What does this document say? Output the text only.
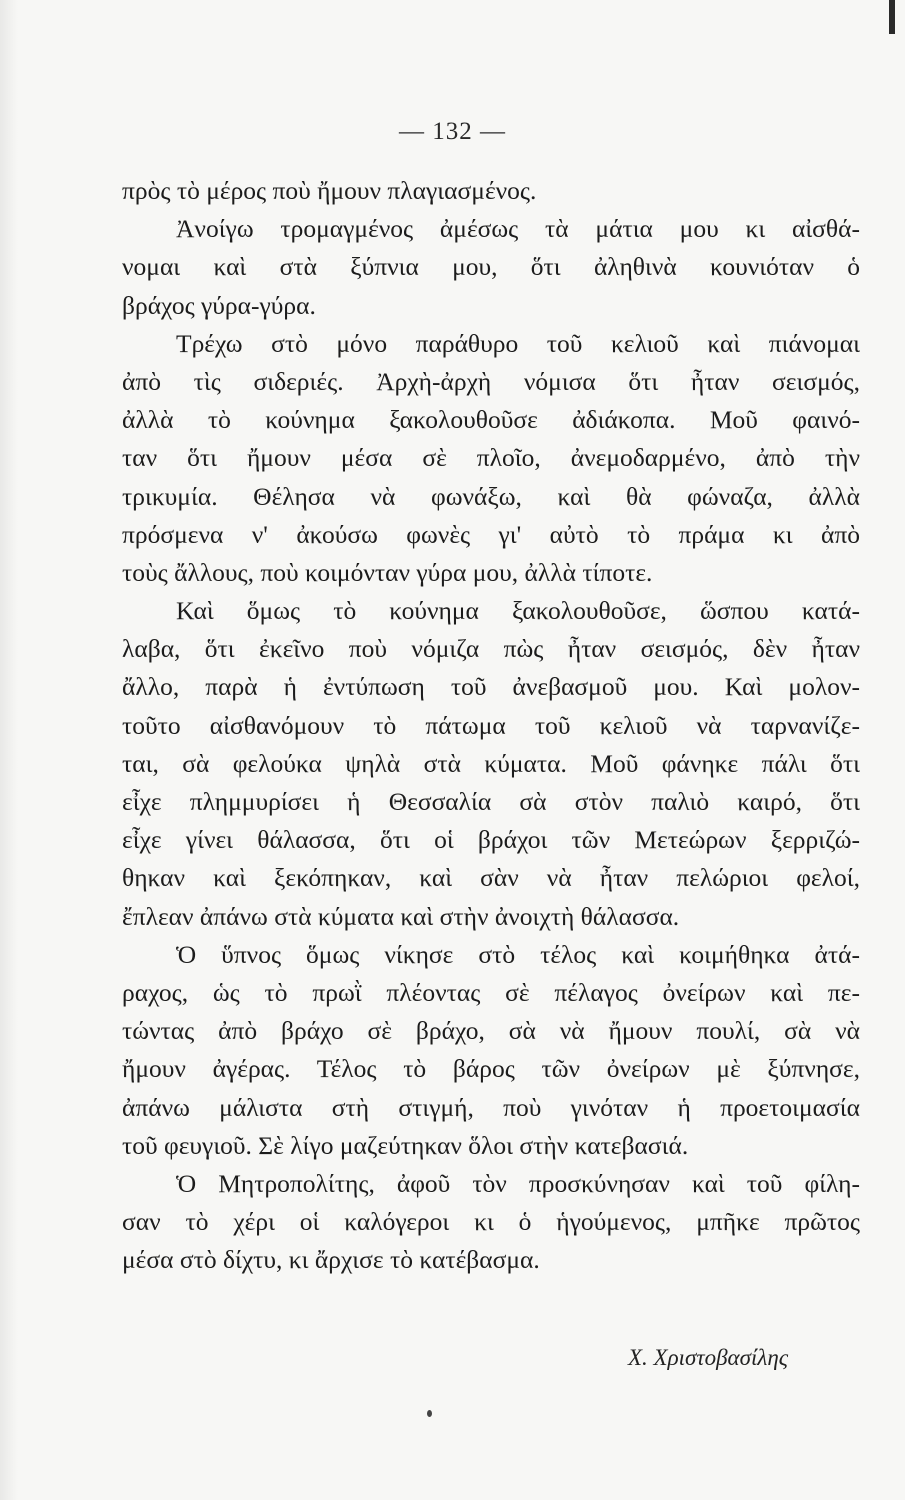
— 132 —
πρὸς τὸ μέρος ποὺ ἤμουν πλαγιασμένος.
Ἀνοίγω τρομαγμένος ἀμέσως τὰ μάτια μου κι αἰσθά-
νομαι καὶ στὰ ξύπνια μου, ὅτι ἀληθινὰ κουνιόταν ὁ
βράχος γύρα-γύρα.
Τρέχω στὸ μόνο παράθυρο τοῦ κελιοῦ καὶ πιάνομαι
ἀπὸ τὶς σιδεριές. Ἀρχὴ-ἀρχὴ νόμισα ὅτι ἦταν σεισμός,
ἀλλὰ τὸ κούνημα ξακολουθοῦσε ἀδιάκοπα. Μοῦ φαινό-
ταν ὅτι ἤμουν μέσα σὲ πλοῖο, ἀνεμοδαρμένο, ἀπὸ τὴν
τρικυμία. Θέλησα νὰ φωνάξω, καὶ θὰ φώναζα, ἀλλὰ
πρόσμενα ν' ἀκούσω φωνὲς γι' αὐτὸ τὸ πράμα κι ἀπὸ
τοὺς ἄλλους, ποὺ κοιμόνταν γύρα μου, ἀλλὰ τίποτε.
Καὶ ὅμως τὸ κούνημα ξακολουθοῦσε, ὥσπου κατά-
λαβα, ὅτι ἐκεῖνο ποὺ νόμιζα πὼς ἦταν σεισμός, δὲν ἦταν
ἄλλο, παρὰ ἡ ἐντύπωση τοῦ ἀνεβασμοῦ μου. Καὶ μολον-
τοῦτο αἰσθανόμουν τὸ πάτωμα τοῦ κελιοῦ νὰ ταρνανίζε-
ται, σὰ φελούκα ψηλὰ στὰ κύματα. Μοῦ φάνηκε πάλι ὅτι
εἶχε πλημμυρίσει ἡ Θεσσαλία σὰ στὸν παλιὸ καιρό, ὅτι
εἶχε γίνει θάλασσα, ὅτι οἱ βράχοι τῶν Μετεώρων ξερριζώ-
θηκαν καὶ ξεκόπηκαν, καὶ σὰν νὰ ἦταν πελώριοι φελοί,
ἔπλεαν ἀπάνω στὰ κύματα καὶ στὴν ἀνοιχτὴ θάλασσα.
Ὁ ὕπνος ὅμως νίκησε στὸ τέλος καὶ κοιμήθηκα ἀτά-
ραχος, ὡς τὸ πρωῒ πλέοντας σὲ πέλαγος ὀνείρων καὶ πε-
τώντας ἀπὸ βράχο σὲ βράχο, σὰ νὰ ἤμουν πουλί, σὰ νὰ
ἤμουν ἀγέρας. Τέλος τὸ βάρος τῶν ὀνείρων μὲ ξύπνησε,
ἀπάνω μάλιστα στὴ στιγμή, ποὺ γινόταν ἡ προετοιμασία
τοῦ φευγιοῦ. Σὲ λίγο μαζεύτηκαν ὅλοι στὴν κατεβασιά.
Ὁ Μητροπολίτης, ἀφοῦ τὸν προσκύνησαν καὶ τοῦ φίλη-
σαν τὸ χέρι οἱ καλόγεροι κι ὁ ἡγούμενος, μπῆκε πρῶτος
μέσα στὸ δίχτυ, κι ἄρχισε τὸ κατέβασμα.
Χ. Χριστοβασίλης
